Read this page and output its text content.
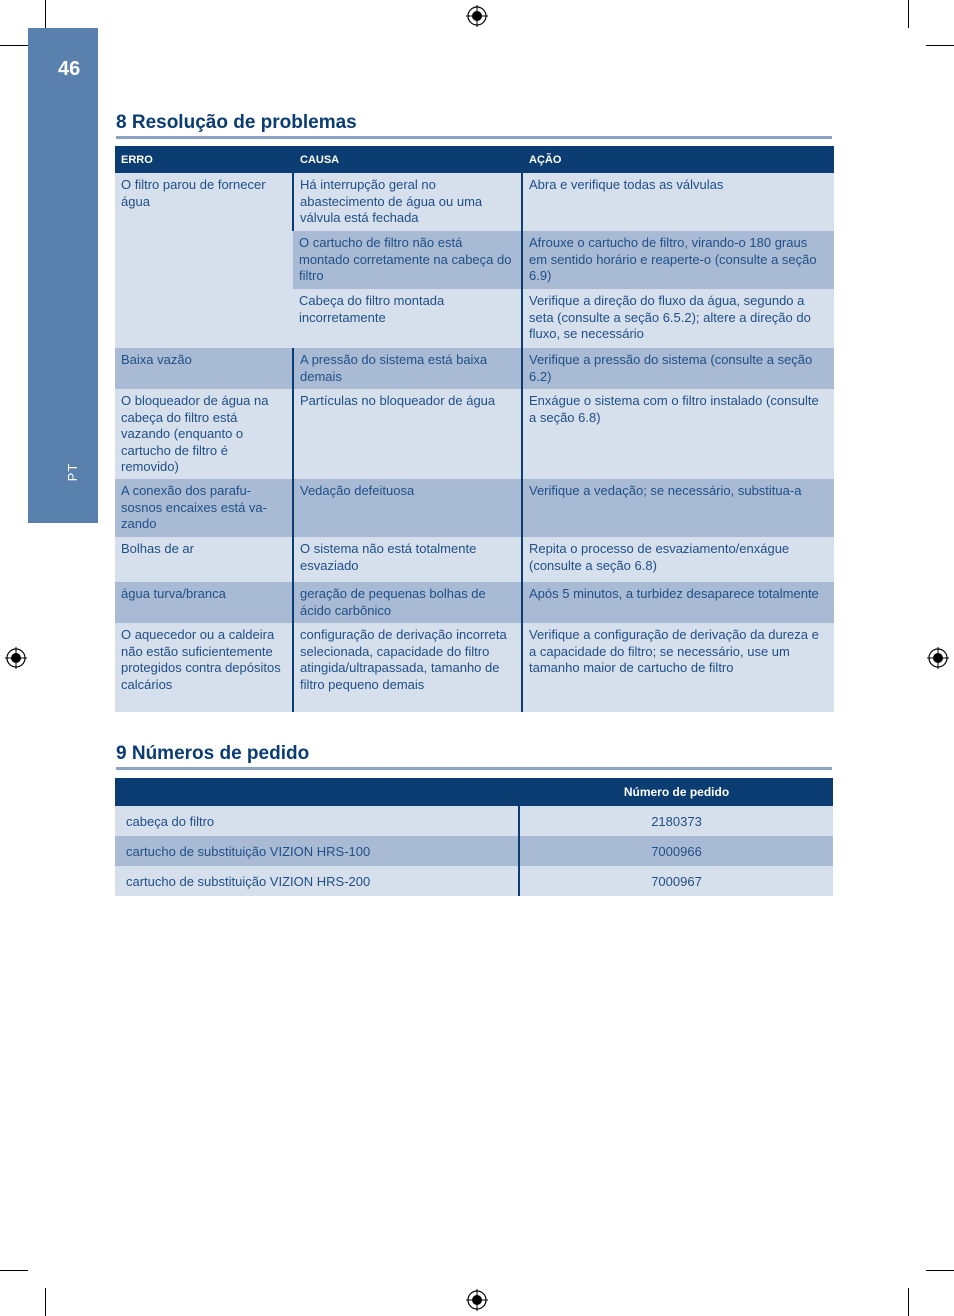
46
PT
8 Resolução de problemas
ERRO	CAUSA	AÇÃO
O filtro parou de fornecer água	Há interrupção geral no abastecimento de água ou uma válvula está fechada	Abra e verifique todas as válvulas
	O cartucho de filtro não está montado corretamente na cabeça do filtro	Afrouxe o cartucho de filtro, virando-o 180 graus em sentido horário e reaperte-o (consulte a seção 6.9)
	Cabeça do filtro montada incorretamente	Verifique a direção do fluxo da água, segundo a seta (consulte a seção 6.5.2); altere a direção do fluxo, se necessário
Baixa vazão	A pressão do sistema está baixa demais	Verifique a pressão do sistema (consulte a seção 6.2)
O bloqueador de água na cabeça do filtro está vazando (enquanto o cartucho de filtro é removido)	Partículas no bloqueador de água	Enxágue o sistema com o filtro instalado (consulte a seção 6.8)
A conexão dos parafu-sosnos encaixes está va-zando	Vedação defeituosa	Verifique a vedação; se necessário, substitua-a
Bolhas de ar	O sistema não está totalmente esvaziado	Repita o processo de esvaziamento/enxágue (consulte a seção 6.8)
água turva/branca	geração de pequenas bolhas de ácido carbônico	Após 5 minutos, a turbidez desaparece totalmente
O aquecedor ou a caldeira não estão suficientemente protegidos contra depósitos calcários	configuração de derivação incorreta selecionada, capacidade do filtro atingida/ultrapassada, tamanho de filtro pequeno demais	Verifique a configuração de derivação da dureza e a capacidade do filtro; se necessário, use um tamanho maior de cartucho de filtro
9 Números de pedido
	Número de pedido
cabeça do filtro	2180373
cartucho de substituição VIZION HRS-100	7000966
cartucho de substituição VIZION HRS-200	7000967
